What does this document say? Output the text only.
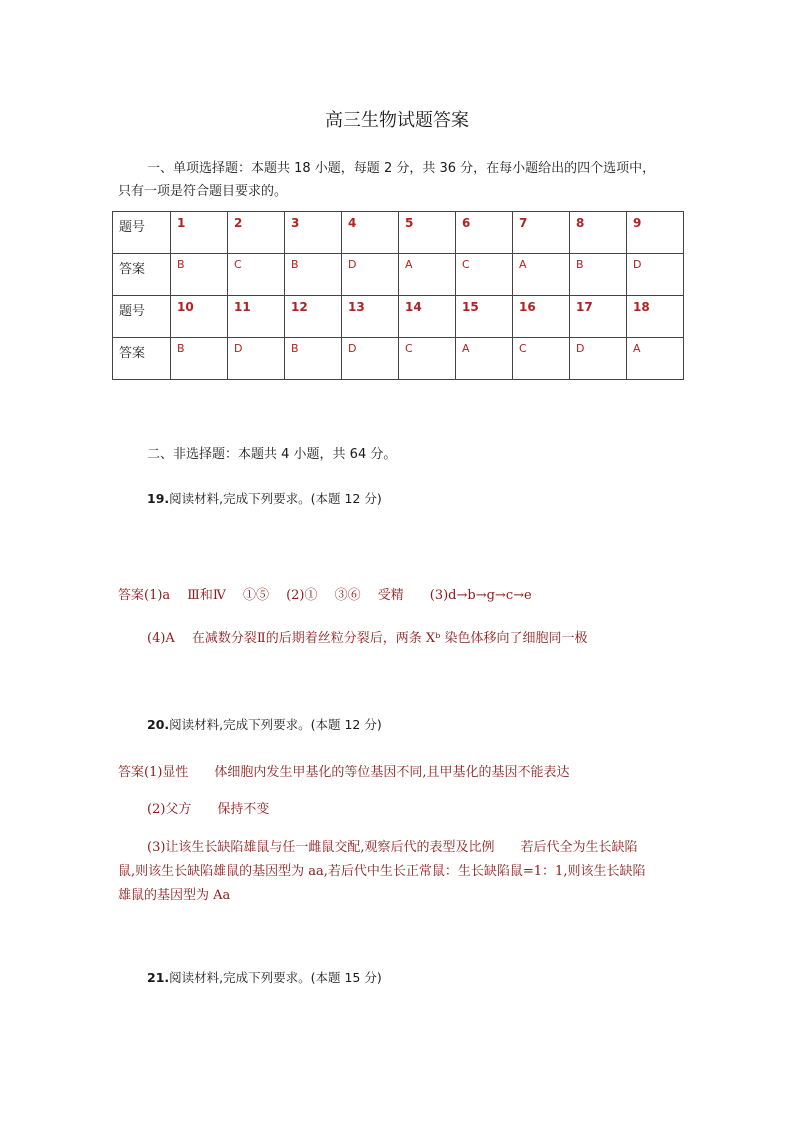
高三生物试题答案
一、单项选择题：本题共 18 小题，每题 2 分，共 36 分，在每小题给出的四个选项中，
只有一项是符合题目要求的。
题号	1	2	3	4	5	6	7	8	9
答案	B	C	B	D	A	C	A	B	D
题号	10	11	12	13	14	15	16	17	18
答案	B	D	B	D	C	A	C	D	A
二、非选择题：本题共 4 小题，共 64 分。
19.阅读材料,完成下列要求。(本题 12 分)
答案(1)a　 Ⅲ和Ⅳ　 ①⑤　 (2)①　 ③⑥　 受精　　(3)d→b→g→c→e
(4)A　 在减数分裂Ⅱ的后期着丝粒分裂后，两条 Xᵇ 染色体移向了细胞同一极
20.阅读材料,完成下列要求。(本题 12 分)
答案(1)显性　　体细胞内发生甲基化的等位基因不同,且甲基化的基因不能表达
(2)父方　　保持不变
(3)让该生长缺陷雄鼠与任一雌鼠交配,观察后代的表型及比例　　若后代全为生长缺陷
鼠,则该生长缺陷雄鼠的基因型为 aa,若后代中生长正常鼠：生长缺陷鼠=1：1,则该生长缺陷
雄鼠的基因型为 Aa
21.阅读材料,完成下列要求。(本题 15 分)
